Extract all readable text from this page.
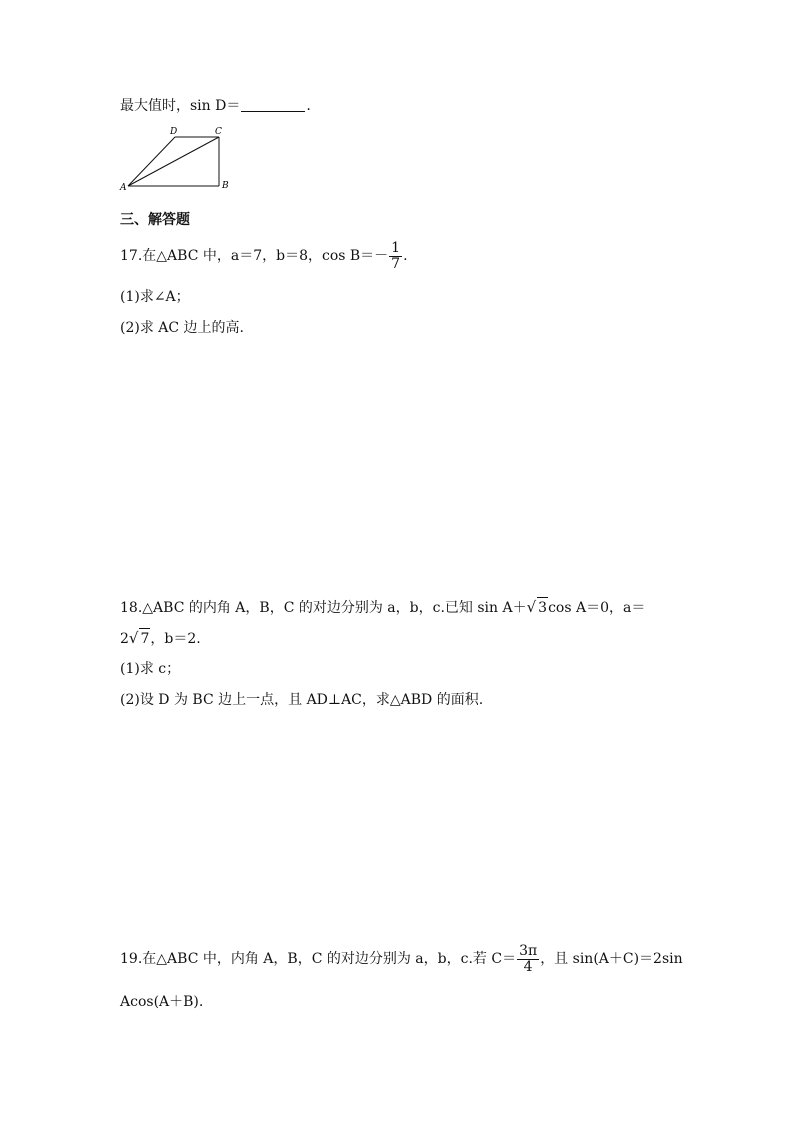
最大值时，sin D＝	.
A	B
C
D
三、解答题
17.在△ABC 中，a＝7，b＝8，$\cos B=- \frac{1}{7}$ .
(1)求∠A；
(2)求 AC 边上的高.
18.△ABC 的内角 A，B，C 的对边分别为 a，b，c.已知 sin A＋√ 3cos A＝0，a＝
2√ 7，b＝2.
(1)求 c；
(2)设 D 为 BC 边上一点，且 AD⊥AC，求△ABD 的面积.
19.在△ABC 中，内角 A，B，C 的对边分别为 a，b，c.若 $C= \frac{3\pi}{4}$ ，且 sin(A＋C)＝2sin
Acos(A＋B).
